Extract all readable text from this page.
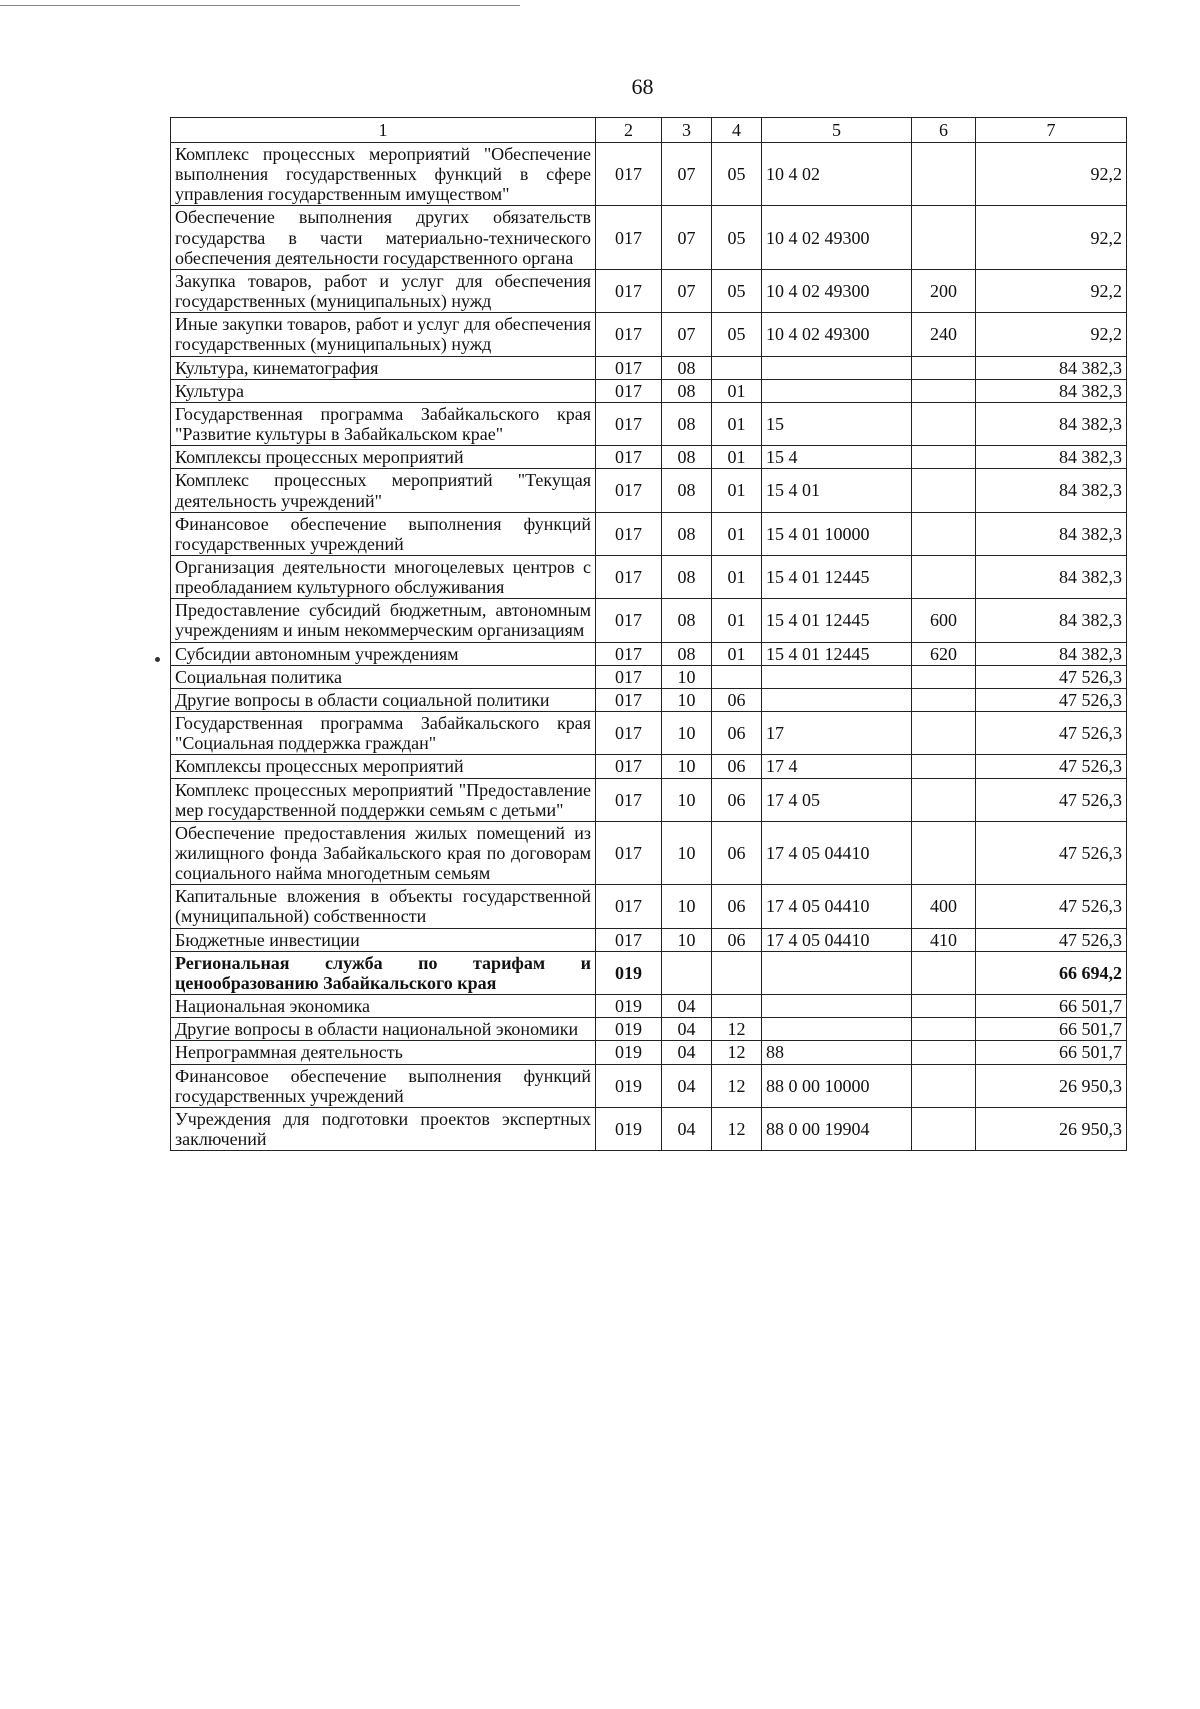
68
1	2	3	4	5	6	7
Комплекс процессных мероприятий "Обеспечение выполнения государственных функций в сфере управления государственным имуществом"	017	07	05	10 4 02		92,2
Обеспечение выполнения других обязательств государства в части материально-технического обеспечения деятельности государственного органа	017	07	05	10 4 02 49300		92,2
Закупка товаров, работ и услуг для обеспечения государственных (муниципальных) нужд	017	07	05	10 4 02 49300	200	92,2
Иные закупки товаров, работ и услуг для обеспечения государственных (муниципальных) нужд	017	07	05	10 4 02 49300	240	92,2
Культура, кинематография	017	08				84 382,3
Культура	017	08	01			84 382,3
Государственная программа Забайкальского края "Развитие культуры в Забайкальском крае"	017	08	01	15		84 382,3
Комплексы процессных мероприятий	017	08	01	15 4		84 382,3
Комплекс процессных мероприятий "Текущая деятельность учреждений"	017	08	01	15 4 01		84 382,3
Финансовое обеспечение выполнения функций государственных учреждений	017	08	01	15 4 01 10000		84 382,3
Организация деятельности многоцелевых центров с преобладанием культурного обслуживания	017	08	01	15 4 01 12445		84 382,3
Предоставление субсидий бюджетным, автономным учреждениям и иным некоммерческим организациям	017	08	01	15 4 01 12445	600	84 382,3
Субсидии автономным учреждениям	017	08	01	15 4 01 12445	620	84 382,3
Социальная политика	017	10				47 526,3
Другие вопросы в области социальной политики	017	10	06			47 526,3
Государственная программа Забайкальского края "Социальная поддержка граждан"	017	10	06	17		47 526,3
Комплексы процессных мероприятий	017	10	06	17 4		47 526,3
Комплекс процессных мероприятий "Предоставление мер государственной поддержки семьям с детьми"	017	10	06	17 4 05		47 526,3
Обеспечение предоставления жилых помещений из жилищного фонда Забайкальского края по договорам социального найма многодетным семьям	017	10	06	17 4 05 04410		47 526,3
Капитальные вложения в объекты государственной (муниципальной) собственности	017	10	06	17 4 05 04410	400	47 526,3
Бюджетные инвестиции	017	10	06	17 4 05 04410	410	47 526,3
Региональная служба по тарифам и ценообразованию Забайкальского края	019					66 694,2
Национальная экономика	019	04				66 501,7
Другие вопросы в области национальной экономики	019	04	12			66 501,7
Непрограммная деятельность	019	04	12	88		66 501,7
Финансовое обеспечение выполнения функций государственных учреждений	019	04	12	88 0 00 10000		26 950,3
Учреждения для подготовки проектов экспертных заключений	019	04	12	88 0 00 19904		26 950,3
